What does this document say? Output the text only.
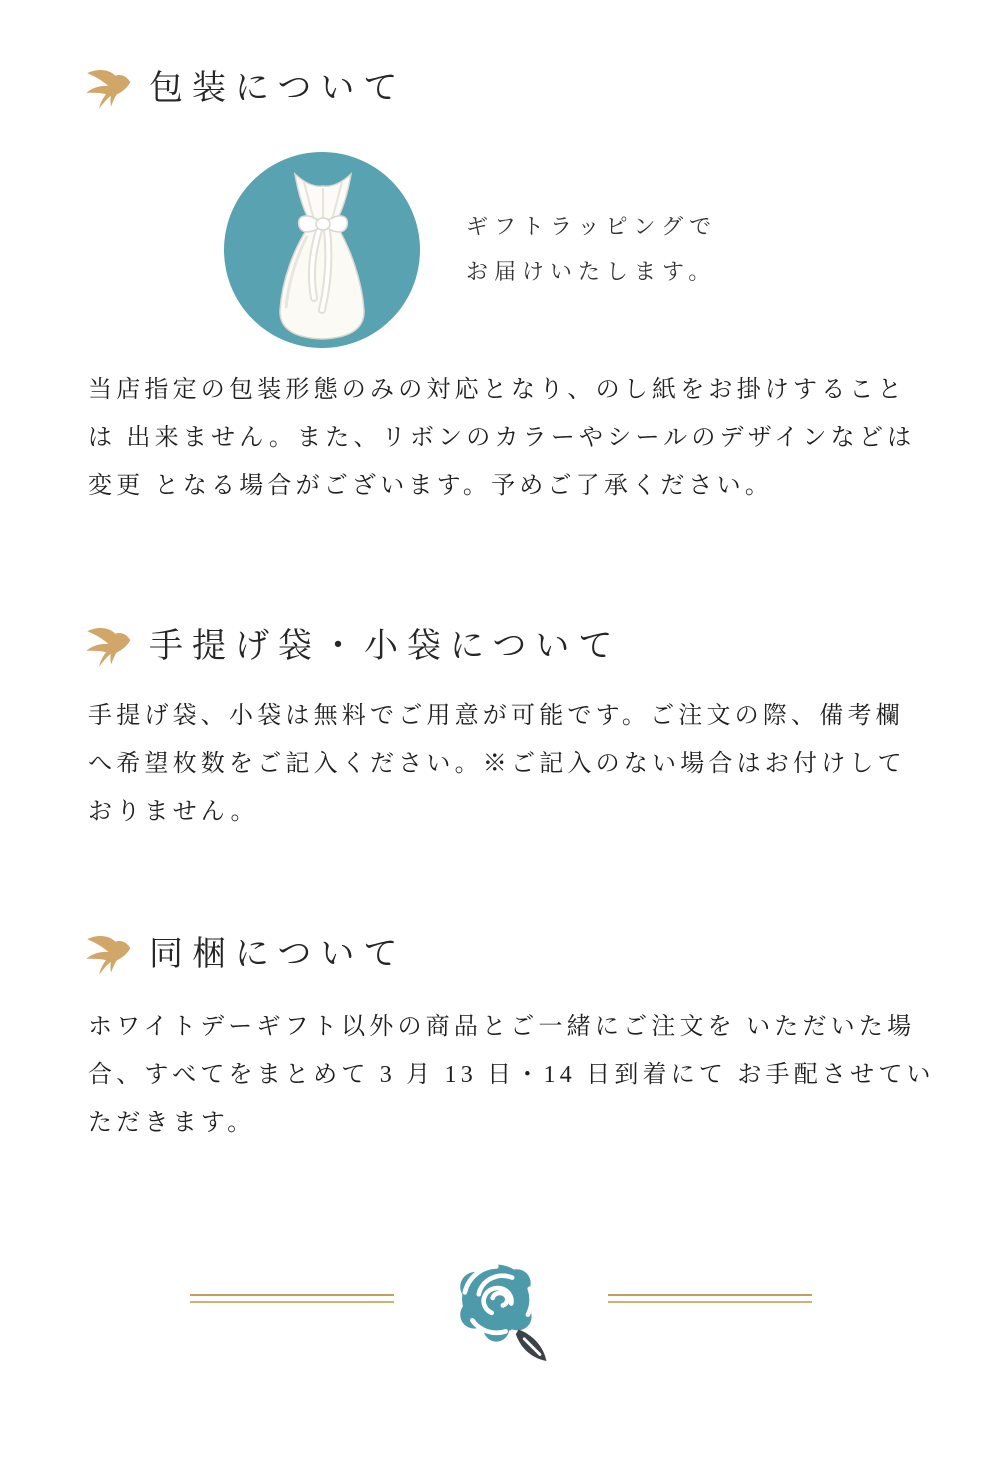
包装について
ギフトラッピングで
お届けいたします。
当店指定の包装形態のみの対応となり、のし紙をお掛けすること
は 出来ません。また、リボンのカラーやシールのデザインなどは
変更 となる場合がございます。予めご了承ください。
手提げ袋・小袋について
手提げ袋、小袋は無料でご用意が可能です。ご注文の際、備考欄
へ希望枚数をご記入ください。※ご記入のない場合はお付けして
おりません。
同梱について
ホワイトデーギフト以外の商品とご一緒にご注文を いただいた場
合、すべてをまとめて 3 月 13 日・14 日到着にて お手配させてい
ただきます。
